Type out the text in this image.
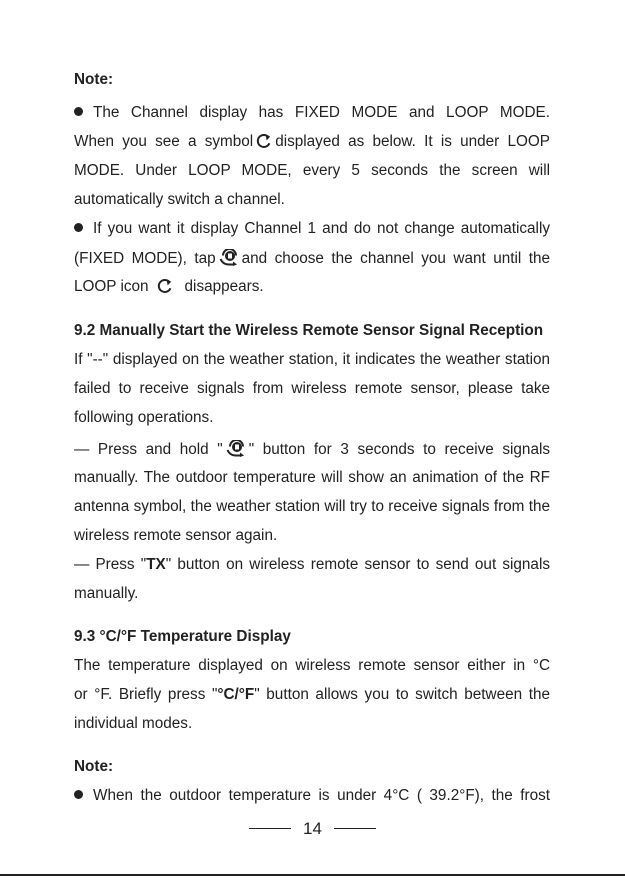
Note:
The Channel display has FIXED MODE and LOOP MODE.
When you see a symbol displayed as below. It is under LOOP
MODE. Under LOOP MODE, every 5 seconds the screen will
automatically switch a channel.
If you want it display Channel 1 and do not change automatically
(FIXED MODE), tap and choose the channel you want until the
LOOP icon disappears.
9.2 Manually Start the Wireless Remote Sensor Signal Reception
If "--" displayed on the weather station, it indicates the weather station
failed to receive signals from wireless remote sensor, please take
following operations.
— Press and hold " " button for 3 seconds to receive signals
manually. The outdoor temperature will show an animation of the RF
antenna symbol, the weather station will try to receive signals from the
wireless remote sensor again.
— Press "TX" button on wireless remote sensor to send out signals
manually.
9.3 °C/°F Temperature Display
The temperature displayed on wireless remote sensor either in °C
or °F. Briefly press "°C/°F" button allows you to switch between the
individual modes.
Note:
When the outdoor temperature is under 4°C ( 39.2°F), the frost
14
